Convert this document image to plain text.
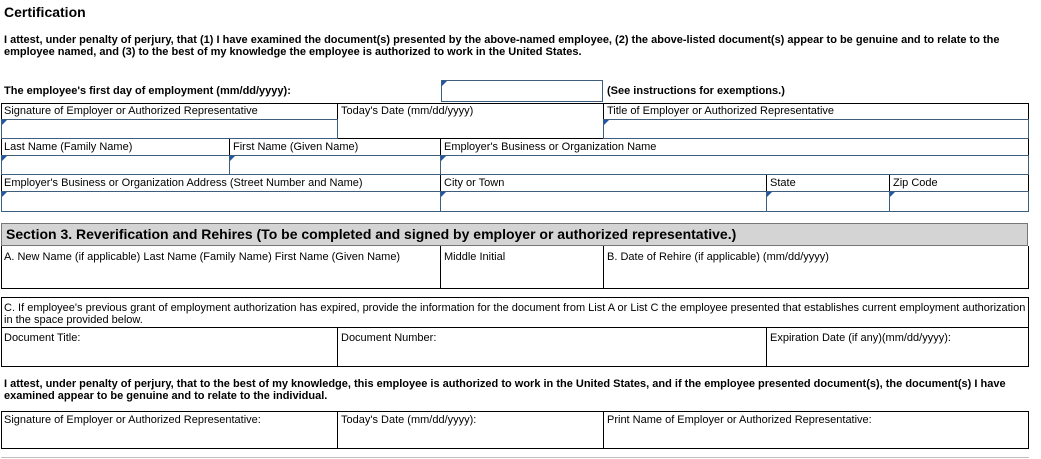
Certification
I attest, under penalty of perjury, that (1) I have examined the document(s) presented by the above-named employee, (2) the above-listed document(s) appear to be genuine and to relate to the employee named, and (3) to the best of my knowledge the employee is authorized to work in the United States.
The employee's first day of employment (mm/dd/yyyy):	(See instructions for exemptions.)
Signature of Employer or Authorized Representative	Today's Date (mm/dd/yyyy)	Title of Employer or Authorized Representative
Last Name (Family Name)	First Name (Given Name)	Employer's Business or Organization Name
Employer's Business or Organization Address (Street Number and Name)	City or Town	State	Zip Code
Section 3. Reverification and Rehires (To be completed and signed by employer or authorized representative.)
A. New Name (if applicable) Last Name (Family Name) First Name (Given Name)	Middle Initial	B. Date of Rehire (if applicable) (mm/dd/yyyy)
C. If employee's previous grant of employment authorization has expired, provide the information for the document from List A or List C the employee presented that establishes current employment authorization in the space provided below.
Document Title:	Document Number:	Expiration Date (if any)(mm/dd/yyyy):
I attest, under penalty of perjury, that to the best of my knowledge, this employee is authorized to work in the United States, and if the employee presented document(s), the document(s) I have examined appear to be genuine and to relate to the individual.
Signature of Employer or Authorized Representative:	Today's Date (mm/dd/yyyy):	Print Name of Employer or Authorized Representative:
